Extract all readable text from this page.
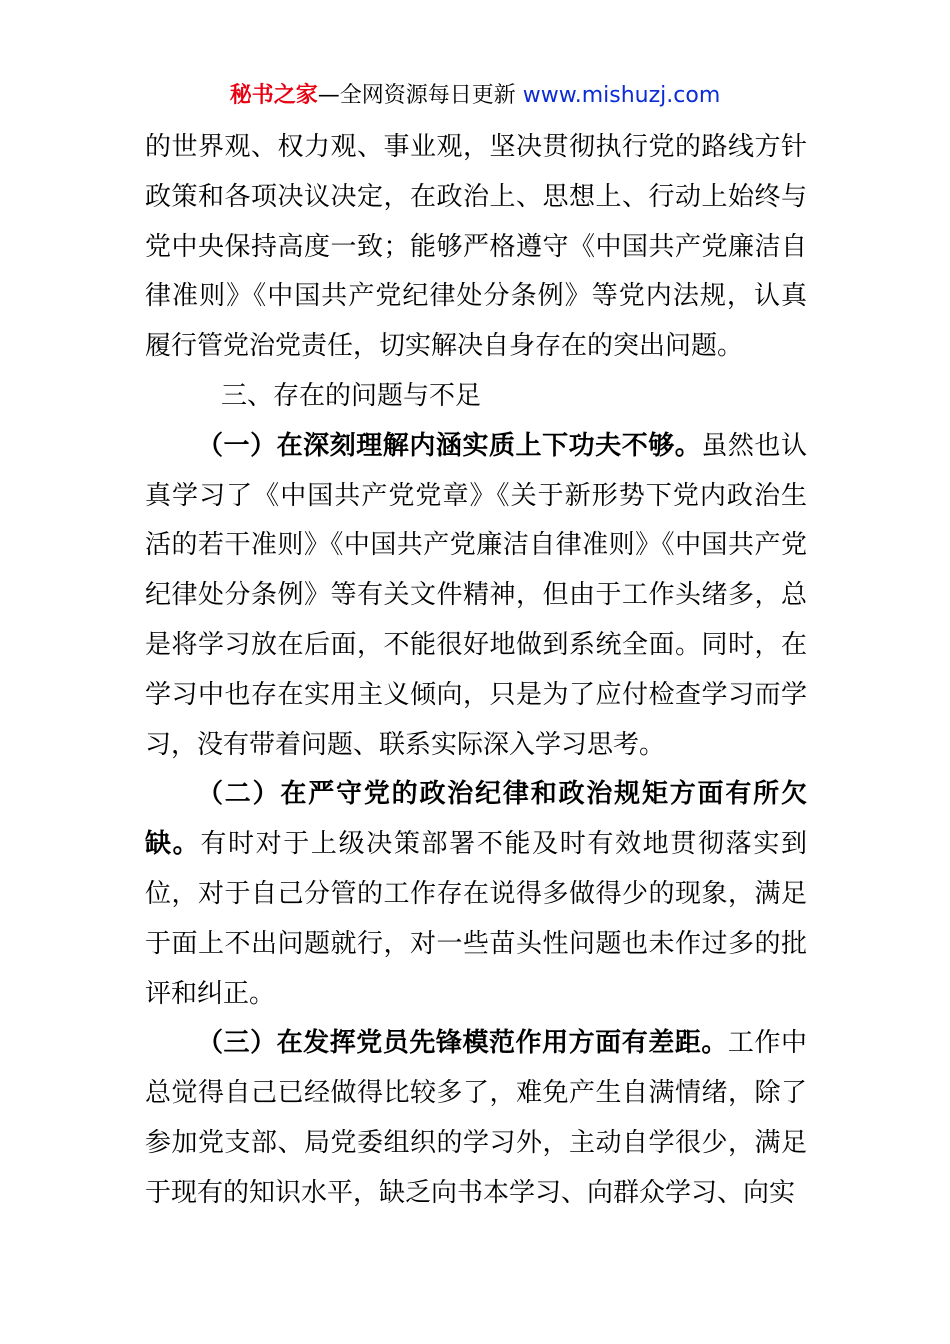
秘书之家—全网资源每日更新 www.mishuzj.com

的世界观、权力观、事业观，坚决贯彻执行党的路线方针政策和各项决议决定，在政治上、思想上、行动上始终与党中央保持高度一致；能够严格遵守《中国共产党廉洁自律准则》《中国共产党纪律处分条例》等党内法规，认真履行管党治党责任，切实解决自身存在的突出问题。

三、存在的问题与不足

（一）在深刻理解内涵实质上下功夫不够。虽然也认真学习了《中国共产党党章》《关于新形势下党内政治生活的若干准则》《中国共产党廉洁自律准则》《中国共产党纪律处分条例》等有关文件精神，但由于工作头绪多，总是将学习放在后面，不能很好地做到系统全面。同时，在学习中也存在实用主义倾向，只是为了应付检查学习而学习，没有带着问题、联系实际深入学习思考。

（二）在严守党的政治纪律和政治规矩方面有所欠缺。有时对于上级决策部署不能及时有效地贯彻落实到位，对于自己分管的工作存在说得多做得少的现象，满足于面上不出问题就行，对一些苗头性问题也未作过多的批评和纠正。

（三）在发挥党员先锋模范作用方面有差距。工作中总觉得自己已经做得比较多了，难免产生自满情绪，除了参加党支部、局党委组织的学习外，主动自学很少，满足于现有的知识水平，缺乏向书本学习、向群众学习、向实
